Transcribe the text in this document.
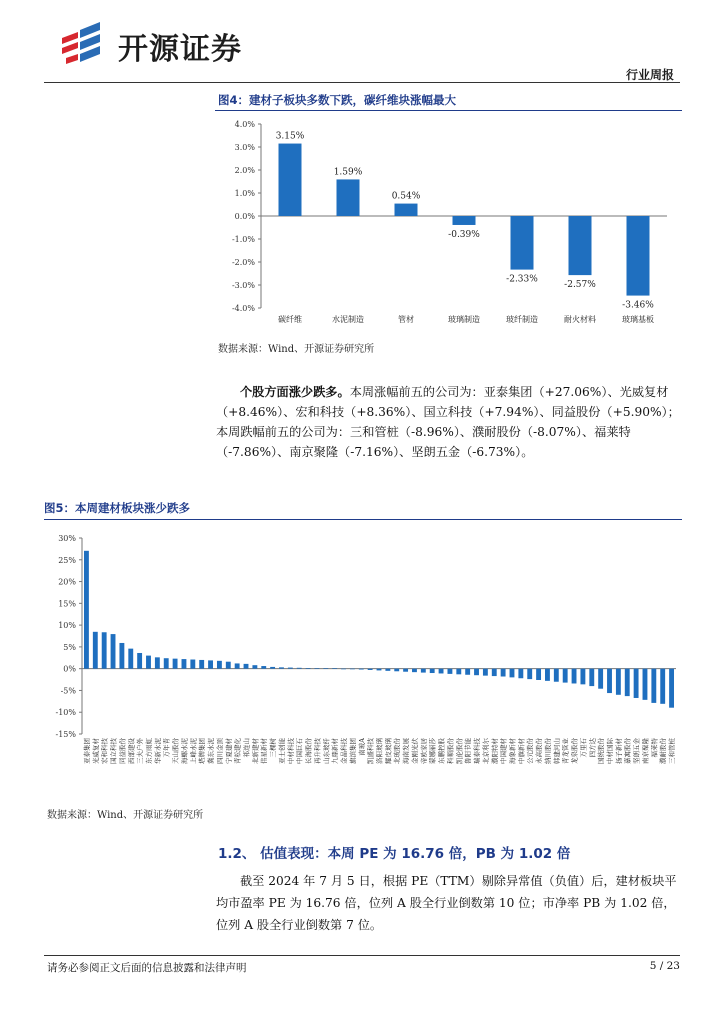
开源证券
行业周报
图4：建材子板块多数下跌，碳纤维块涨幅最大
4.0%
3.0%
2.0%
1.0%
0.0%
-1.0%
-2.0%
-3.0%
-4.0%
3.15%
碳纤维
1.59%
水泥制造
0.54%
管材
-0.39%
玻璃制造
-2.33%
玻纤制造
-2.57%
耐火材料
-3.46%
玻璃基板
数据来源：Wind、开源证券研究所
个股方面涨少跌多。本周涨幅前五的公司为：亚泰集团（+27.06%）、光威复材（+8.46%）、宏和科技（+8.36%）、国立科技（+7.94%）、同益股份（+5.90%）；本周跌幅前五的公司为：三和管桩（-8.96%）、濮耐股份（-8.07%）、福莱特（-7.86%）、南京聚隆（-7.16%）、坚朗五金（-6.73%）。
图5：本周建材板块涨少跌多
30%
25%
20%
15%
10%
5%
0%
-5%
-10%
-15%
亚泰集团 光威复材 宏和科技 国立科技 同益股份 西部建设 三夫户外 东方雨虹 华新水泥 万年青 天山股份 海螺水泥 上峰水泥 塔牌集团 冀东水泥 四川金顶 宁夏建材 青松建化 祁连山 北新建材 伟星新材 三棵树 亚士创能 中材科技 中国巨石 长海股份 再升科技 山东玻纤 九鼎新材 金晶科技 旗滨集团 南玻A 凯盛科技 洛阳玻璃 耀皮玻璃 北玻股份 海南发展 金刚光伏 帝欧家居 蒙娜丽莎 东鹏控股 科顺股份 凯伦股份 鲁阳节能 瑞泰科技 北京利尔 濮阳特材 中国建材 海象新材 中旗新材 公元股份 永高股份 纳川股份 韩建河山 青龙管业 龙泉股份 万里石 四方达 国统股份 中材国际 扬子新材 嘉寓股份 坚朗五金 南京聚隆 福莱特 濮耐股份 三和管桩
数据来源：Wind、开源证券研究所
1.2、 估值表现：本周 PE 为 16.76 倍，PB 为 1.02 倍
截至 2024 年 7 月 5 日，根据 PE（TTM）剔除异常值（负值）后，建材板块平均市盈率 PE 为 16.76 倍，位列 A 股全行业倒数第 10 位；市净率 PB 为 1.02 倍，位列 A 股全行业倒数第 7 位。
请务必参阅正文后面的信息披露和法律声明	5 / 23
